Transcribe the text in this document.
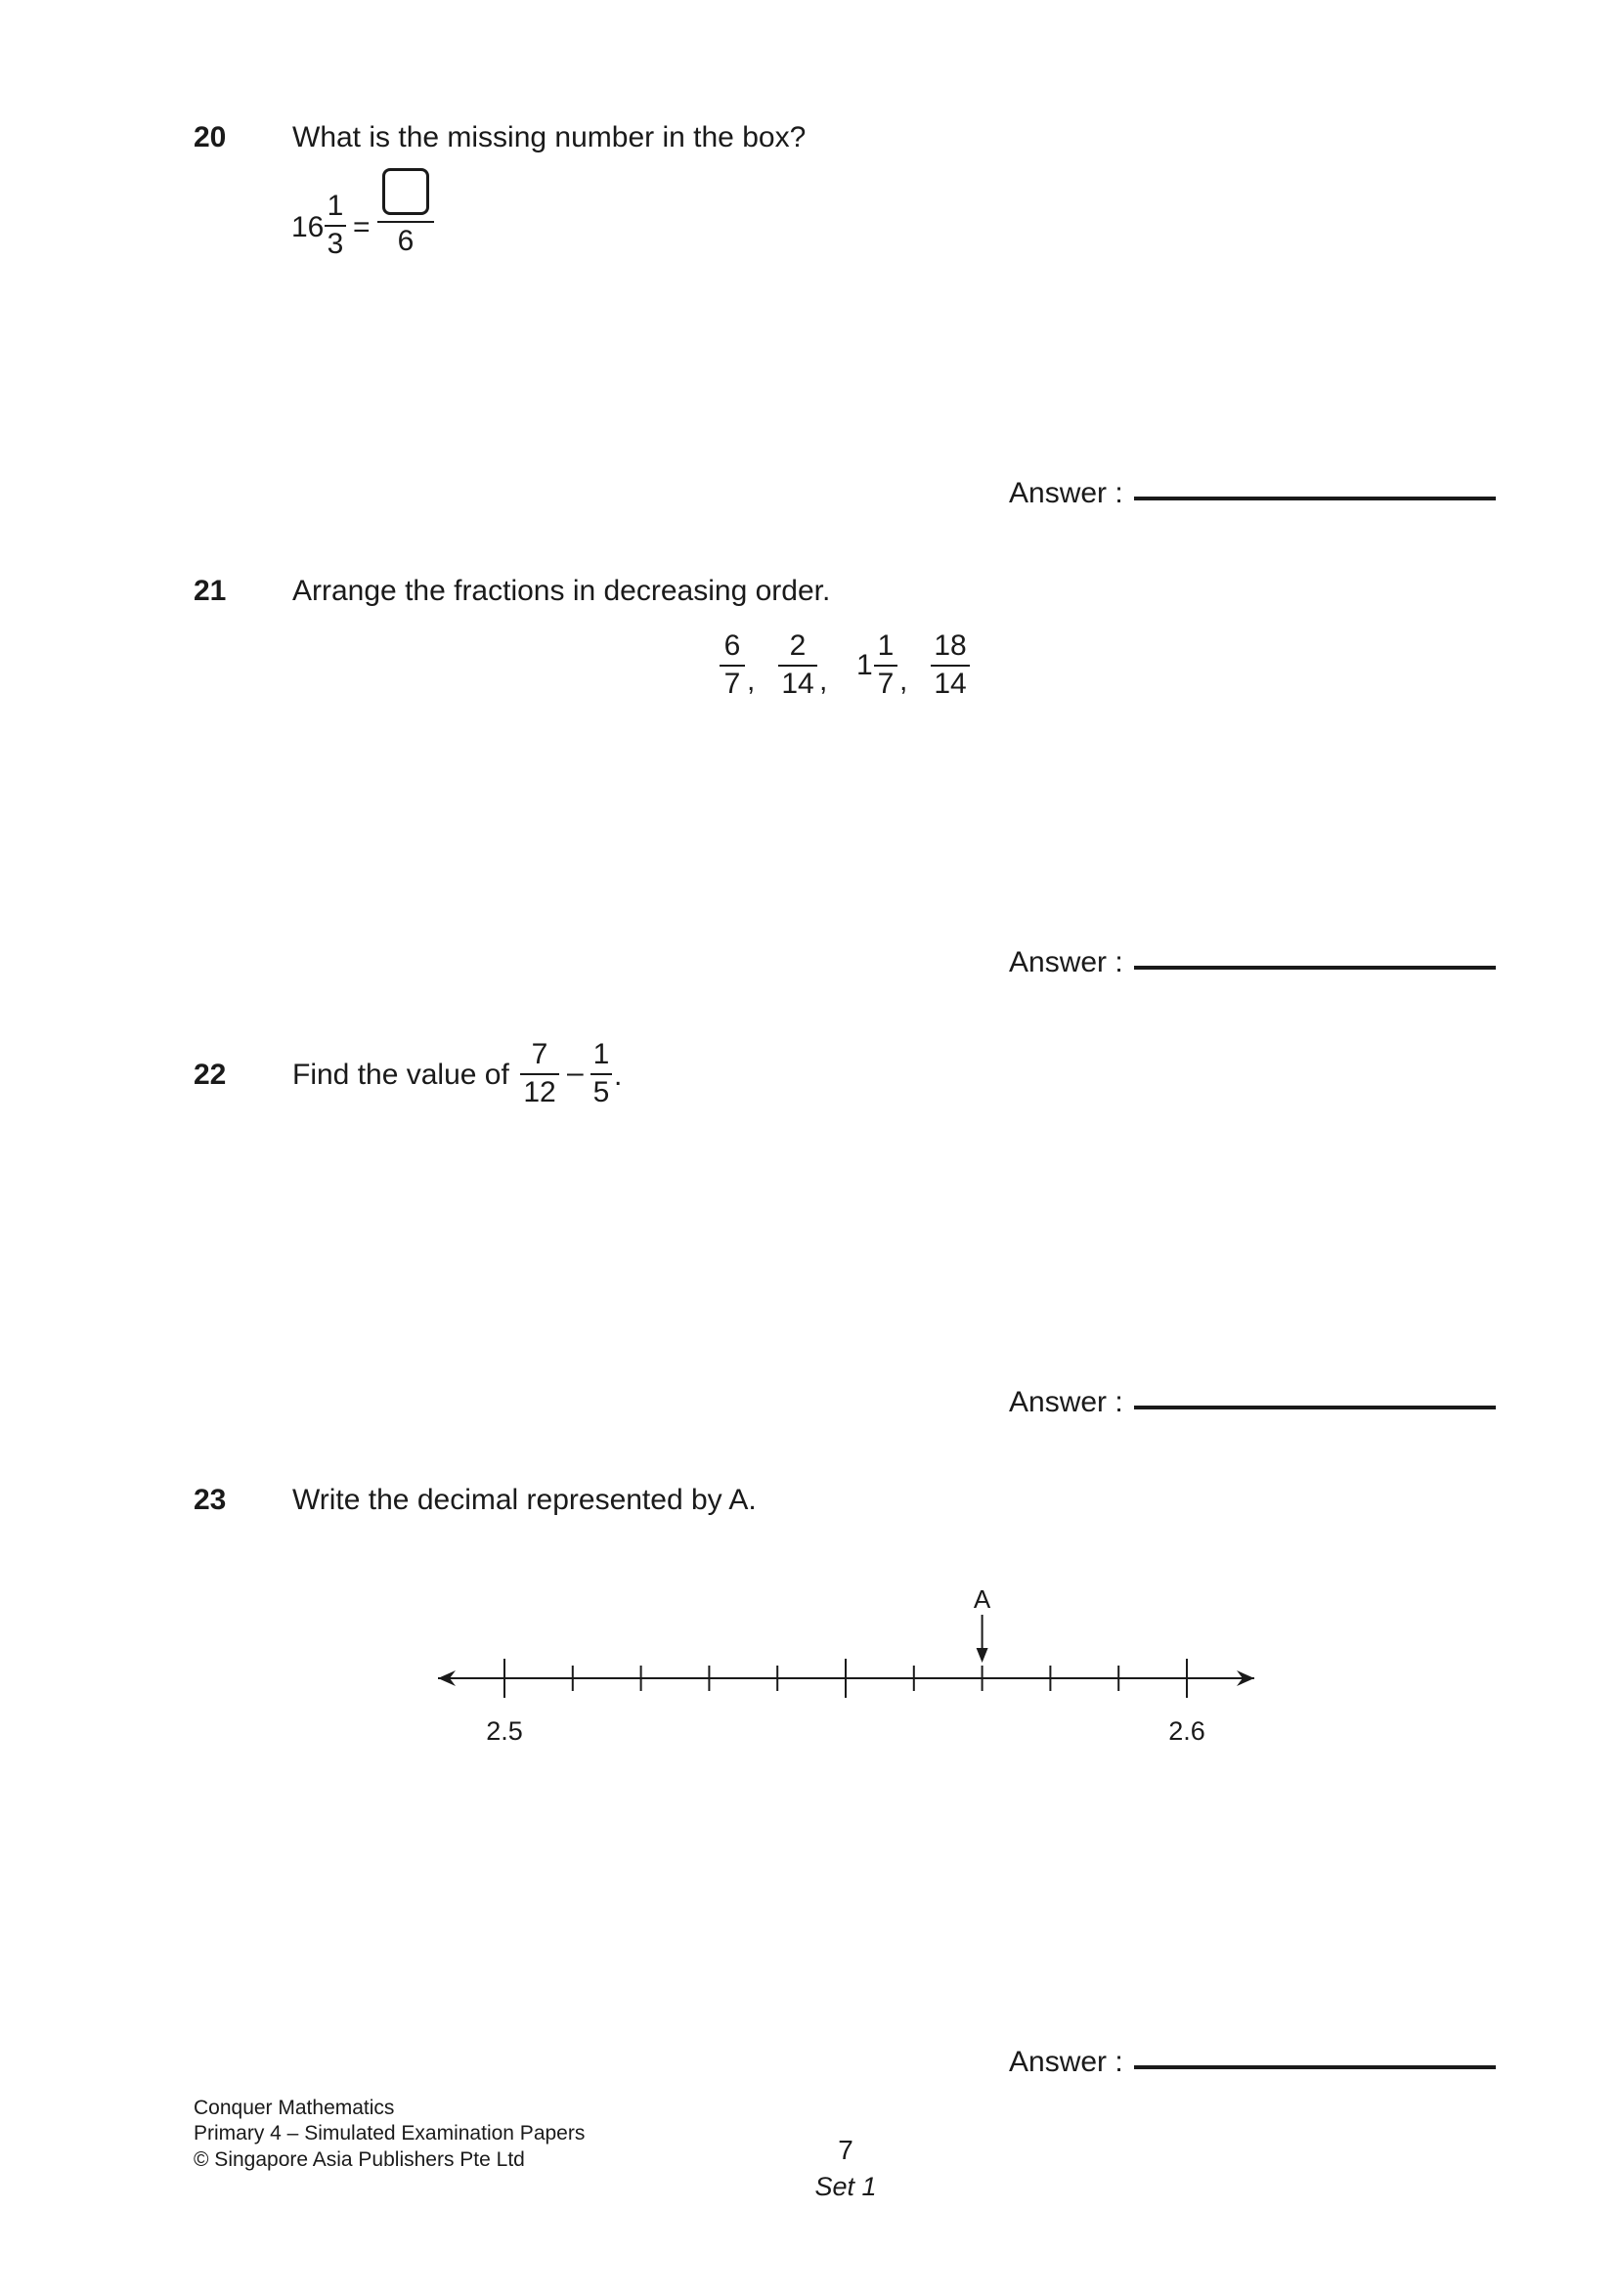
20 What is the missing number in the box?
16
1
3
= 6
Answer :
21 Arrange the fractions in decreasing order.
6
7 ,
2
14 , 1
1
7 ,
18
14
Answer :
22 Find the value of
7
12
–
1
5
.
Answer :
23 Write the decimal represented by A.
2.5	2.6
A
Answer :
Conquer Mathematics
Primary 4 – Simulated Examination Papers
© Singapore Asia Publishers Pte Ltd	7
Set 1
